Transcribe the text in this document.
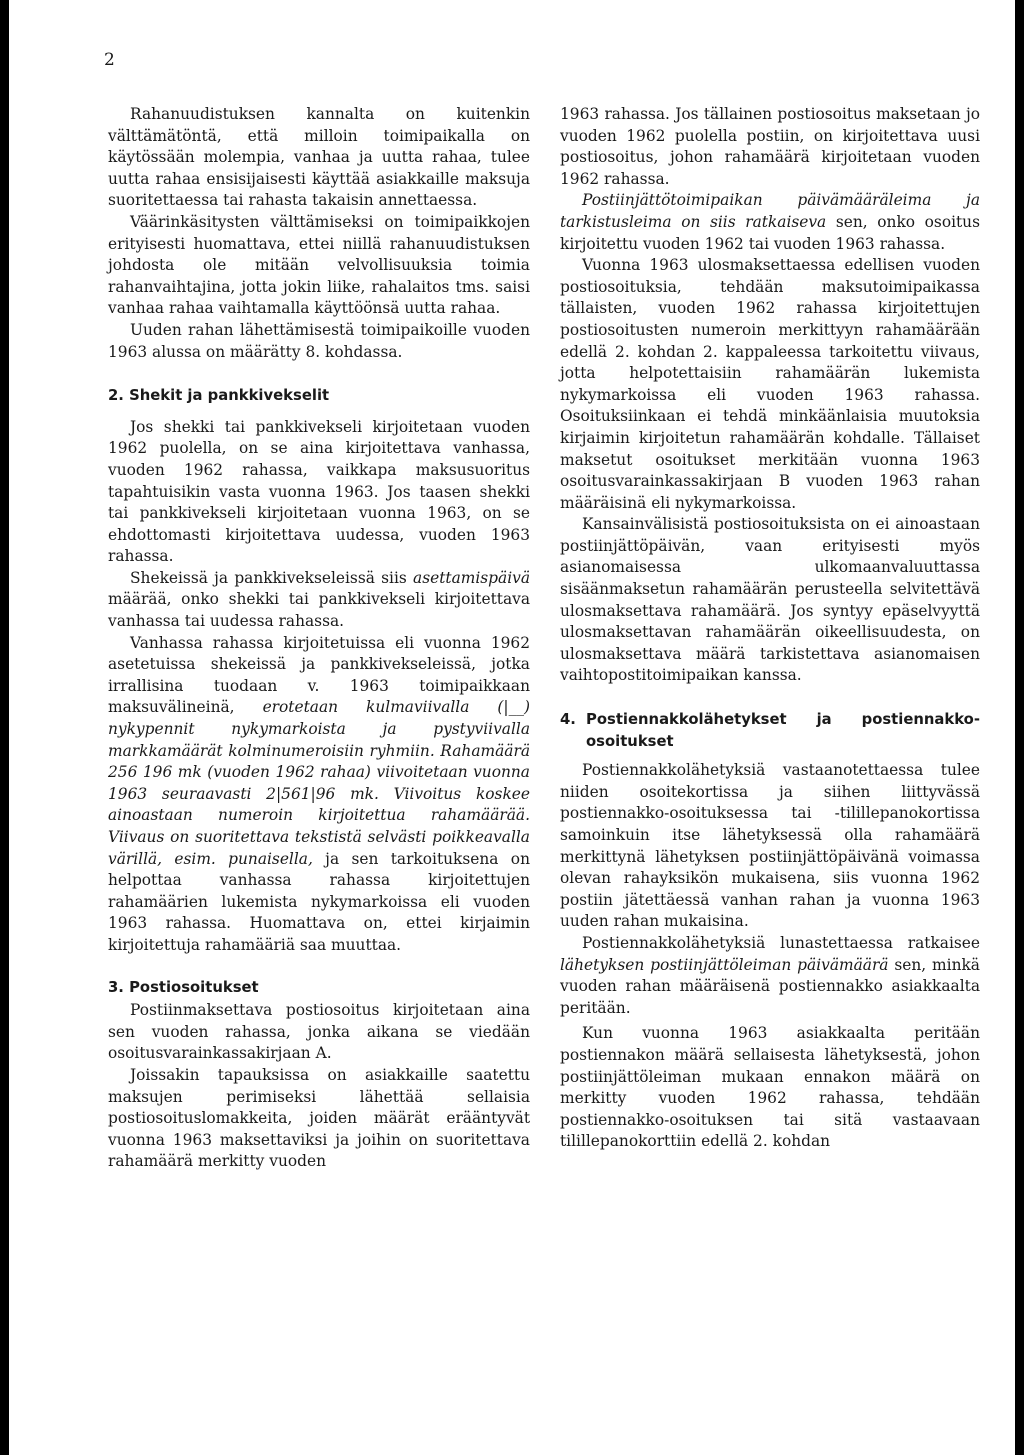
2

Rahanuudistuksen kannalta on kuitenkin välttämätöntä, että milloin toimipaikalla on käytössään molempia, vanhaa ja uutta rahaa, tulee uutta rahaa ensisijaisesti käyttää asiakkaille maksuja suoritettaessa tai rahasta takaisin annettaessa.

Väärinkäsitysten välttämiseksi on toimipaikkojen erityisesti huomattava, ettei niillä rahanuudistuksen johdosta ole mitään velvollisuuksia toimia rahanvaihtajina, jotta jokin liike, rahalaitos tms. saisi vanhaa rahaa vaihtamalla käyttöönsä uutta rahaa.

Uuden rahan lähettämisestä toimipaikoille vuoden 1963 alussa on määrätty 8. kohdassa.

2. Shekit ja pankkivekselit

Jos shekki tai pankkivekseli kirjoitetaan vuoden 1962 puolella, on se aina kirjoitettava vanhassa, vuoden 1962 rahassa, vaikkapa maksusuoritus tapahtuisikin vasta vuonna 1963. Jos taasen shekki tai pankkivekseli kirjoitetaan vuonna 1963, on se ehdottomasti kirjoitettava uudessa, vuoden 1963 rahassa.

Shekeissä ja pankkivekseleissä siis asettamispäivä määrää, onko shekki tai pankkivekseli kirjoitettava vanhassa tai uudessa rahassa.

Vanhassa rahassa kirjoitetuissa eli vuonna 1962 asetetuissa shekeissä ja pankkivekseleissä, jotka irrallisina tuodaan v. 1963 toimipaikkaan maksuvälineinä, erotetaan kulmaviivalla (|__) nykypennit nykymarkoista ja pystyviivalla markkamäärät kolminumeroisiin ryhmiin. Rahamäärä 256 196 mk (vuoden 1962 rahaa) viivoitetaan vuonna 1963 seuraavasti 2|561|96 mk. Viivoitus koskee ainoastaan numeroin kirjoitettua rahamäärää. Viivaus on suoritettava tekstistä selvästi poikkeavalla värillä, esim. punaisella, ja sen tarkoituksena on helpottaa vanhassa rahassa kirjoitettujen rahamäärien lukemista nykymarkoissa eli vuoden 1963 rahassa. Huomattava on, ettei kirjaimin kirjoitettuja rahamääriä saa muuttaa.

3. Postiosoitukset

Postiinmaksettava postiosoitus kirjoitetaan aina sen vuoden rahassa, jonka aikana se viedään osoitusvarainkassakirjaan A.

Joissakin tapauksissa on asiakkaille saatettu maksujen perimiseksi lähettää sellaisia postiosoituslomakkeita, joiden määrät erääntyvät vuonna 1963 maksettaviksi ja joihin on suoritettava rahamäärä merkitty vuoden

1963 rahassa. Jos tällainen postiosoitus maksetaan jo vuoden 1962 puolella postiin, on kirjoitettava uusi postiosoitus, johon rahamäärä kirjoitetaan vuoden 1962 rahassa.

Postiinjättötoimipaikan päivämääräleima ja tarkistusleima on siis ratkaiseva sen, onko osoitus kirjoitettu vuoden 1962 tai vuoden 1963 rahassa.

Vuonna 1963 ulosmaksettaessa edellisen vuoden postiosoituksia, tehdään maksutoimipaikassa tällaisten, vuoden 1962 rahassa kirjoitettujen postiosoitusten numeroin merkittyyn rahamäärään edellä 2. kohdan 2. kappaleessa tarkoitettu viivaus, jotta helpotettaisiin rahamäärän lukemista nykymarkoissa eli vuoden 1963 rahassa. Osoituksiinkaan ei tehdä minkäänlaisia muutoksia kirjaimin kirjoitetun rahamäärän kohdalle. Tällaiset maksetut osoitukset merkitään vuonna 1963 osoitusvarainkassakirjaan B vuoden 1963 rahan määräisinä eli nykymarkoissa.

Kansainvälisistä postiosoituksista on ei ainoastaan postiinjättöpäivän, vaan erityisesti myös asianomaisessa ulkomaanvaluuttassa sisäänmaksetun rahamäärän perusteella selvitettävä ulosmaksettava rahamäärä. Jos syntyy epäselvyyttä ulosmaksettavan rahamäärän oikeellisuudesta, on ulosmaksettava määrä tarkistettava asianomaisen vaihtopostitoimipaikan kanssa.

4. Postiennakkolähetykset ja postiennakko-osoitukset

Postiennakkolähetyksiä vastaanotettaessa tulee niiden osoitekortissa ja siihen liittyvässä postiennakko-osoituksessa tai -tilillepanokortissa samoinkuin itse lähetyksessä olla rahamäärä merkittynä lähetyksen postiinjättöpäivänä voimassa olevan rahayksikön mukaisena, siis vuonna 1962 postiin jätettäessä vanhan rahan ja vuonna 1963 uuden rahan mukaisina.

Postiennakkolähetyksiä lunastettaessa ratkaisee lähetyksen postiinjättöleiman päivämäärä sen, minkä vuoden rahan määräisenä postiennakko asiakkaalta peritään.

Kun vuonna 1963 asiakkaalta peritään postiennakon määrä sellaisesta lähetyksestä, johon postiinjättöleiman mukaan ennakon määrä on merkitty vuoden 1962 rahassa, tehdään postiennakko-osoituksen tai sitä vastaavaan tilillepanokorttiin edellä 2. kohdan
